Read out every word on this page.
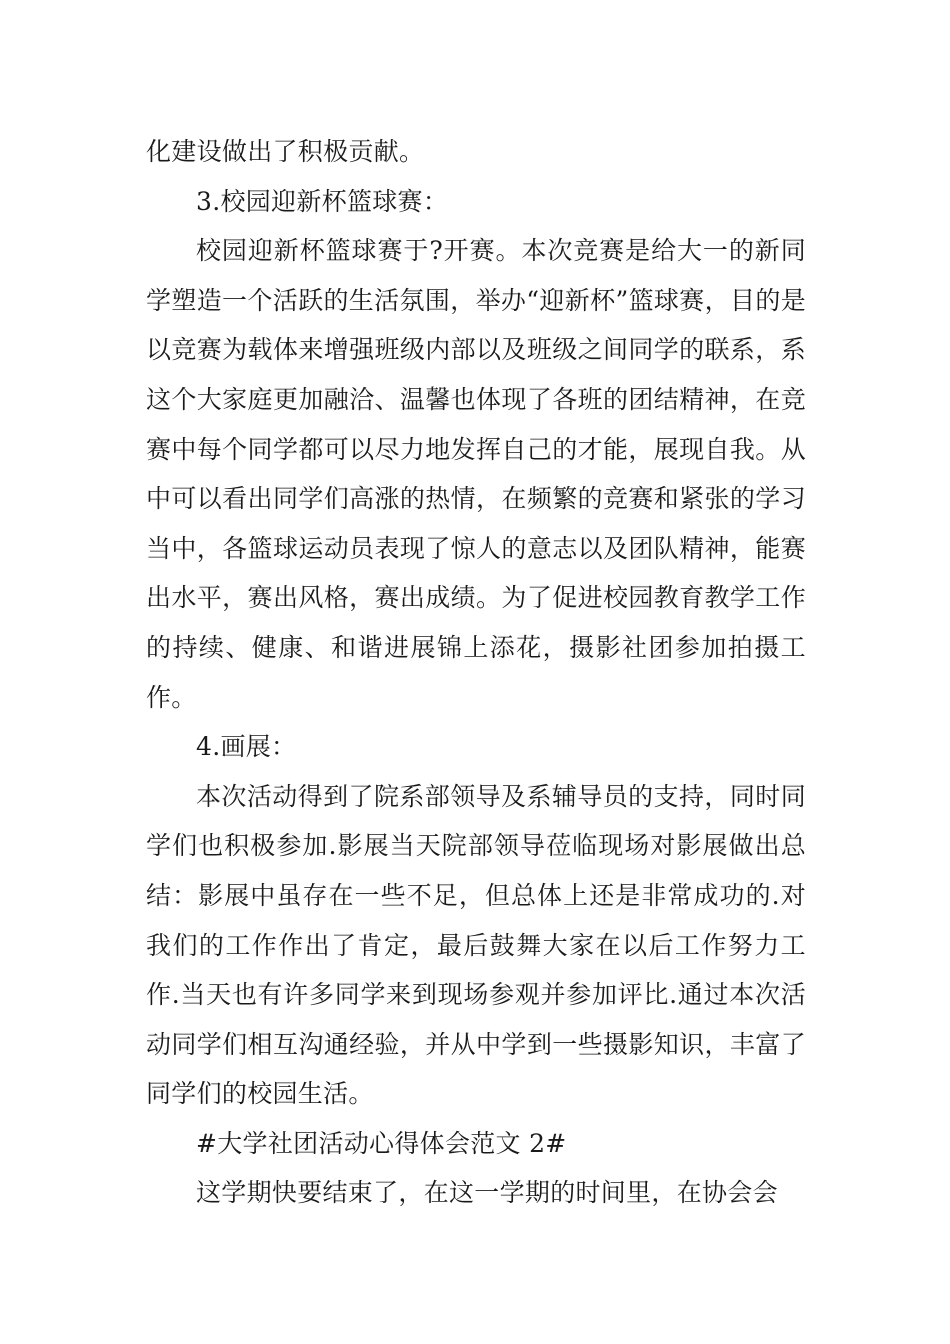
化建设做出了积极贡献。

3.校园迎新杯篮球赛：

校园迎新杯篮球赛于?开赛。本次竞赛是给大一的新同学塑造一个活跃的生活氛围，举办“迎新杯”篮球赛，目的是以竞赛为载体来增强班级内部以及班级之间同学的联系，系这个大家庭更加融洽、温馨也体现了各班的团结精神，在竞赛中每个同学都可以尽力地发挥自己的才能，展现自我。从中可以看出同学们高涨的热情，在频繁的竞赛和紧张的学习当中，各篮球运动员表现了惊人的意志以及团队精神，能赛出水平，赛出风格，赛出成绩。为了促进校园教育教学工作的持续、健康、和谐进展锦上添花，摄影社团参加拍摄工作。

4.画展：

本次活动得到了院系部领导及系辅导员的支持，同时同学们也积极参加.影展当天院部领导莅临现场对影展做出总结：影展中虽存在一些不足，但总体上还是非常成功的.对我们的工作作出了肯定，最后鼓舞大家在以后工作努力工作.当天也有许多同学来到现场参观并参加评比.通过本次活动同学们相互沟通经验，并从中学到一些摄影知识，丰富了同学们的校园生活。

#大学社团活动心得体会范文 2#

这学期快要结束了，在这一学期的时间里，在协会会
